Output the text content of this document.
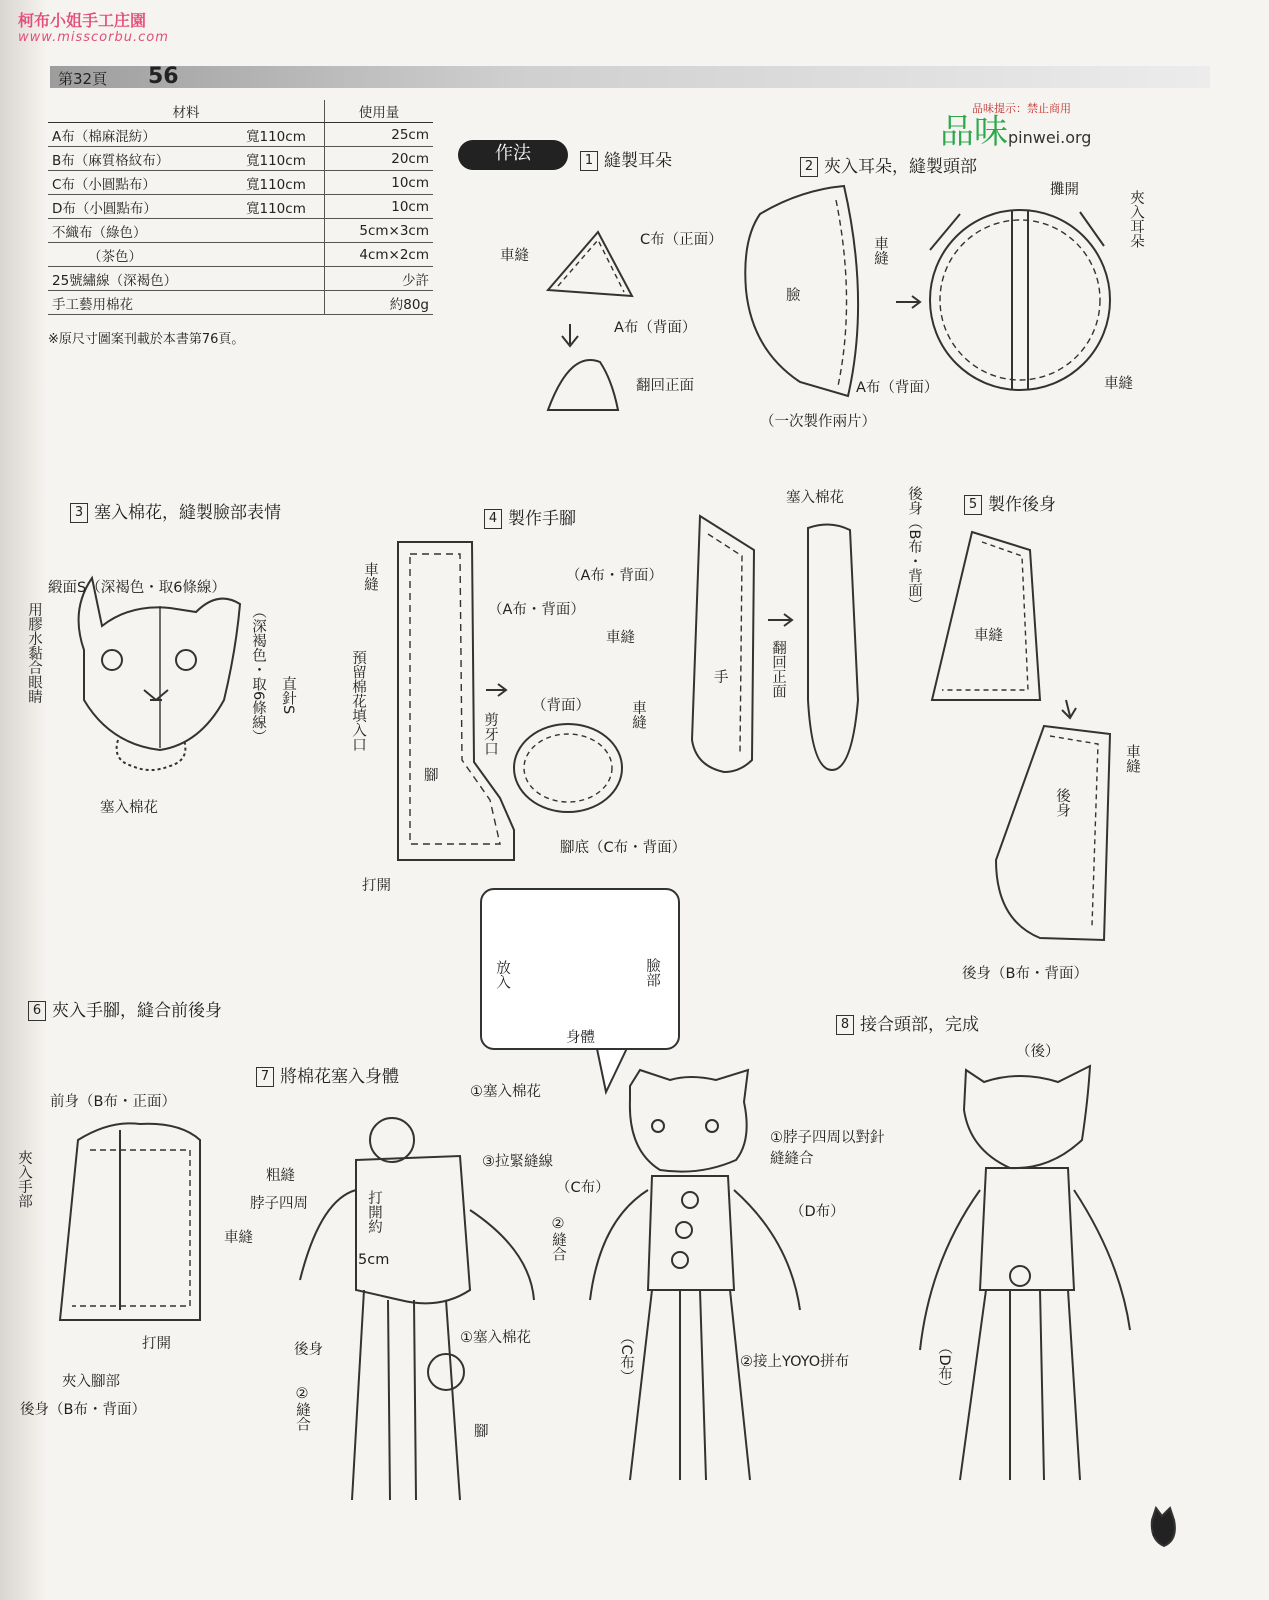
柯布小姐手工庄園
www.misscorbu.com
第32頁 56
材料		使用量
A布（棉麻混紡）	寬110cm	25cm
B布（麻質格紋布）	寬110cm	20cm
C布（小圓點布）	寬110cm	10cm
D布（小圓點布）	寬110cm	10cm
不織布（綠色）		5cm×3cm
（茶色）		4cm×2cm
25號繡線（深褐色）		少許
手工藝用棉花		約80g
※原尺寸圖案刊載於本書第76頁。
品味提示：禁止商用
品味 pinwei.org
作法	1 縫製耳朵	2 夾入耳朵，縫製頭部
3 塞入棉花，縫製臉部表情	4 製作手腳
5 製作後身
6 夾入手腳，縫合前後身
7 將棉花塞入身體
8 接合頭部，完成
車縫
C布（正面）
A布（背面）
翻回正面
車縫
臉
A布（背面）
（一次製作兩片）
攤開	夾入耳朵
車縫
緞面S（深褐色・取6條線）
用膠水黏合眼睛	（深褐色・取6條線） 直針S
塞入棉花
車縫
（A布・背面）
預留棉花填入口
腳
剪牙口
（背面）	車縫
腳底（C布・背面）
打開
（A布・背面）
車縫
手
塞入棉花
翻回正面
後身（B布・背面）
車縫
車縫
後身
後身（B布・背面）
前身（B布・正面）
夾入手部
車縫
打開
夾入腳部
後身（B布・背面）
①塞入棉花
粗縫
脖子四周
③拉緊縫線
打開約
5cm	②縫合
後身
①塞入棉花
②縫合
腳
放入	臉部
身體
（C布）
①脖子四周以對針縫縫合
（D布）
②接上YOYO拼布
（C布）
（後）
（D布）
75
